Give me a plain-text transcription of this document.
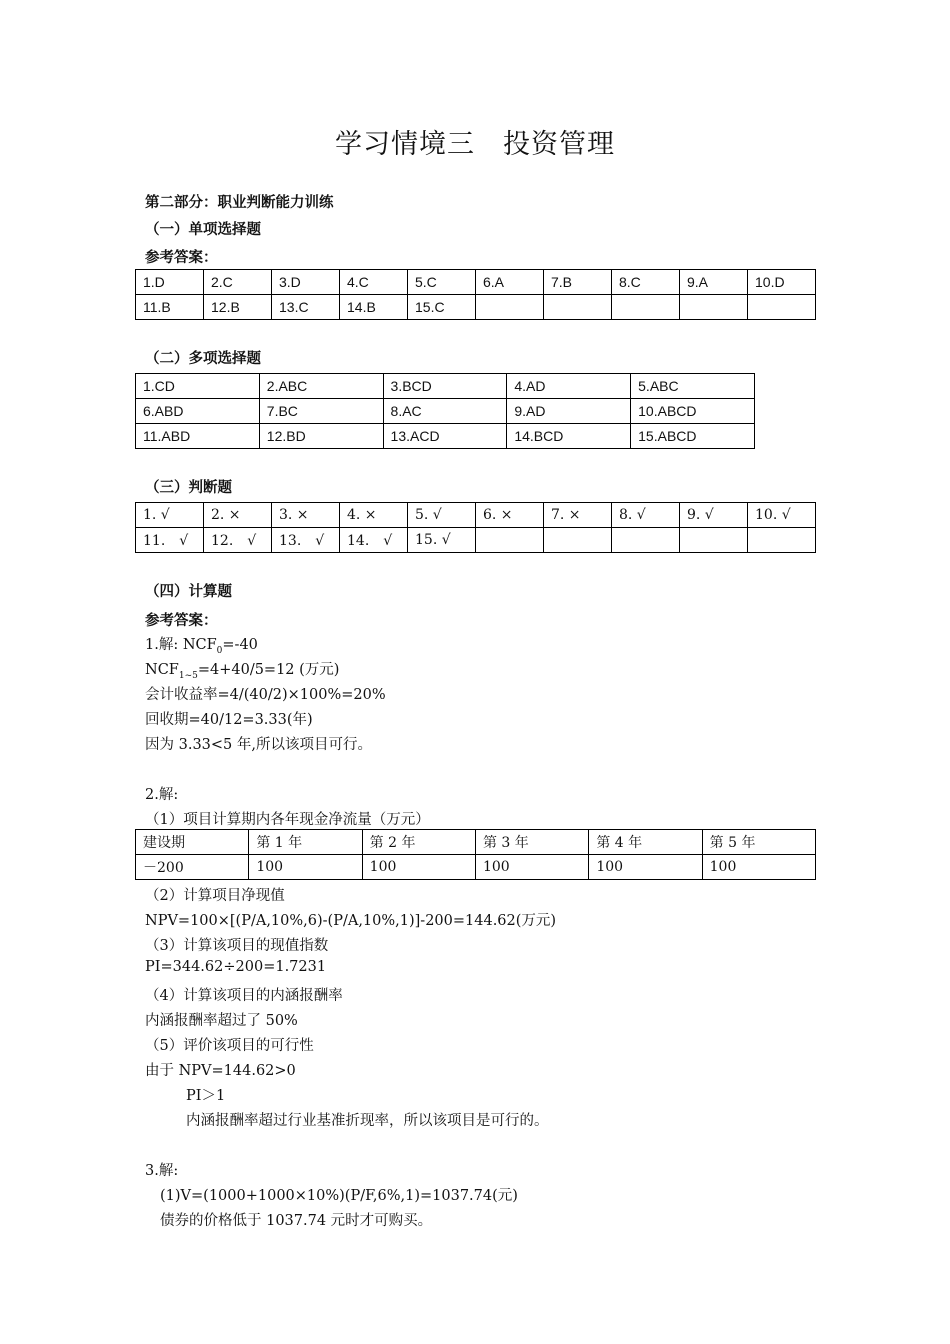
学习情境三　投资管理
第二部分：职业判断能力训练
（一）单项选择题
参考答案：
1.D	2.C	3.D	4.C	5.C	6.A	7.B	8.C	9.A	10.D
11.B	12.B	13.C	14.B	15.C					
（二）多项选择题
1.CD	2.ABC	3.BCD	4.AD	5.ABC
6.ABD	7.BC	8.AC	9.AD	10.ABCD
11.ABD	12.BD	13.ACD	14.BCD	15.ABCD
（三）判断题
1. √	2. ×	3. ×	4. ×	5. √	6. ×	7. ×	8. √	9. √	10. √
11.　√	12.　√	13.　√	14.　√	15. √					
（四）计算题
参考答案：
1.解: $NCF_0=-40$
$NCF_{1\sim 5}=4+40/5=12$ (万元)
会计收益率=4/(40/2)×100%=20%
回收期=40/12=3.33(年)
因为 3.33<5 年,所以该项目可行。
2.解:
（1）项目计算期内各年现金净流量（万元）
建设期	第 1 年	第 2 年	第 3 年	第 4 年	第 5 年
－200	100	100	100	100	100
（2）计算项目净现值
NPV=100×[(P/A,10%,6)-(P/A,10%,1)]-200=144.62(万元)
（3）计算该项目的现值指数
PI=344.62÷200=1.7231
（4）计算该项目的内涵报酬率
内涵报酬率超过了 50%
（5）评价该项目的可行性
由于 NPV=144.62>0
PI＞1
内涵报酬率超过行业基准折现率，所以该项目是可行的。
3.解:
(1)V=(1000+1000×10%)(P/F,6%,1)=1037.74(元)
债券的价格低于 1037.74 元时才可购买。
